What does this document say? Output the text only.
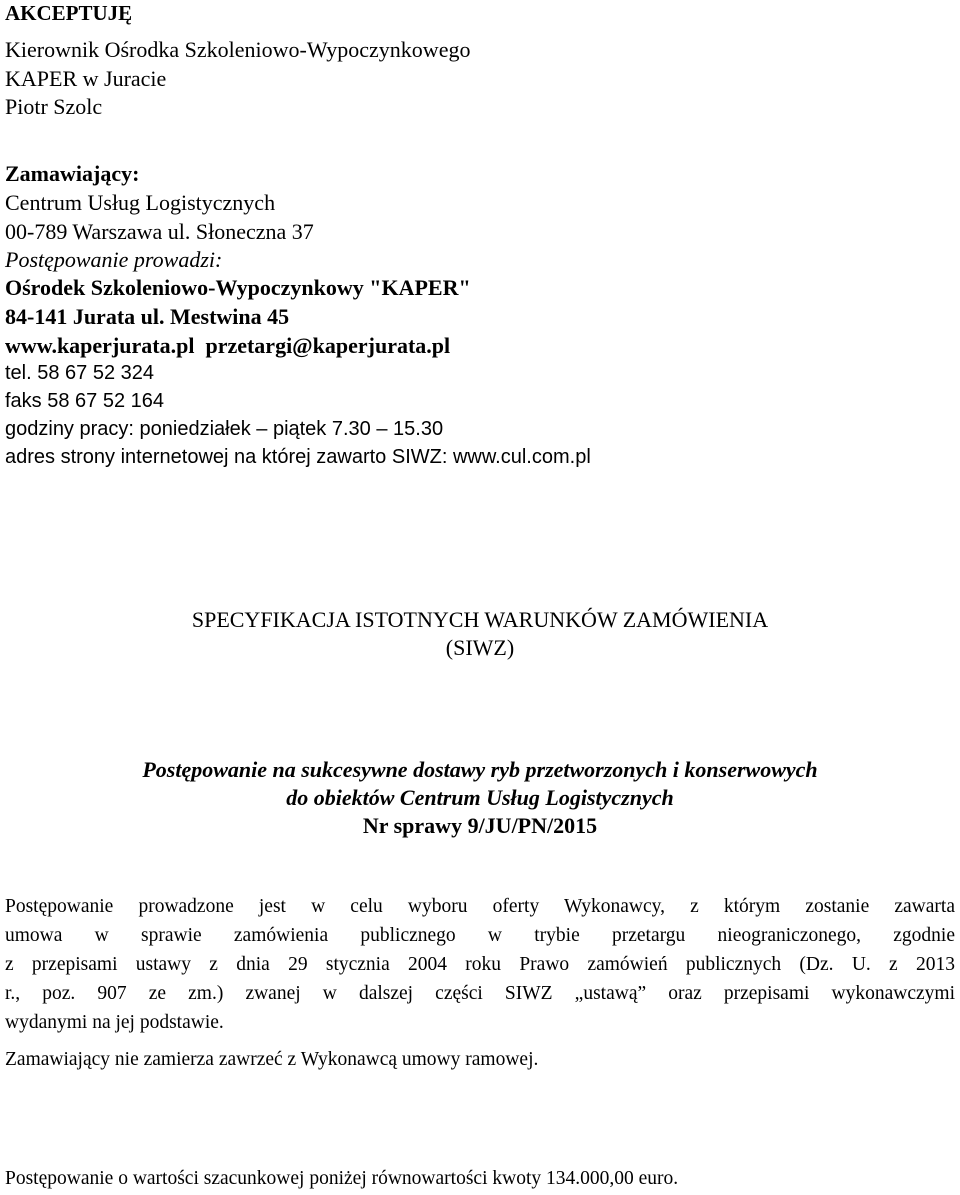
AKCEPTUJĘ
Kierownik Ośrodka Szkoleniowo-Wypoczynkowego
KAPER w Juracie
Piotr Szolc
Zamawiający:
Centrum Usług Logistycznych
00-789 Warszawa ul. Słoneczna 37
Postępowanie prowadzi:
Ośrodek Szkoleniowo-Wypoczynkowy "KAPER"
84-141 Jurata ul. Mestwina 45
www.kaperjurata.pl przetargi@kaperjurata.pl
tel. 58 67 52 324
faks 58 67 52 164
godziny pracy: poniedziałek – piątek 7.30 – 15.30
adres strony internetowej na której zawarto SIWZ: www.cul.com.pl
SPECYFIKACJA ISTOTNYCH WARUNKÓW ZAMÓWIENIA
(SIWZ)
Postępowanie na sukcesywne dostawy ryb przetworzonych i konserwowych
do obiektów Centrum Usług Logistycznych
Nr sprawy 9/JU/PN/2015
Postępowanie prowadzone jest w celu wyboru oferty Wykonawcy, z którym zostanie zawarta
umowa w sprawie zamówienia publicznego w trybie przetargu nieograniczonego, zgodnie
z przepisami ustawy z dnia 29 stycznia 2004 roku Prawo zamówień publicznych (Dz. U. z 2013
r., poz. 907 ze zm.) zwanej w dalszej części SIWZ „ustawą” oraz przepisami wykonawczymi
wydanymi na jej podstawie.
Zamawiający nie zamierza zawrzeć z Wykonawcą umowy ramowej.
Postępowanie o wartości szacunkowej poniżej równowartości kwoty 134.000,00 euro.
